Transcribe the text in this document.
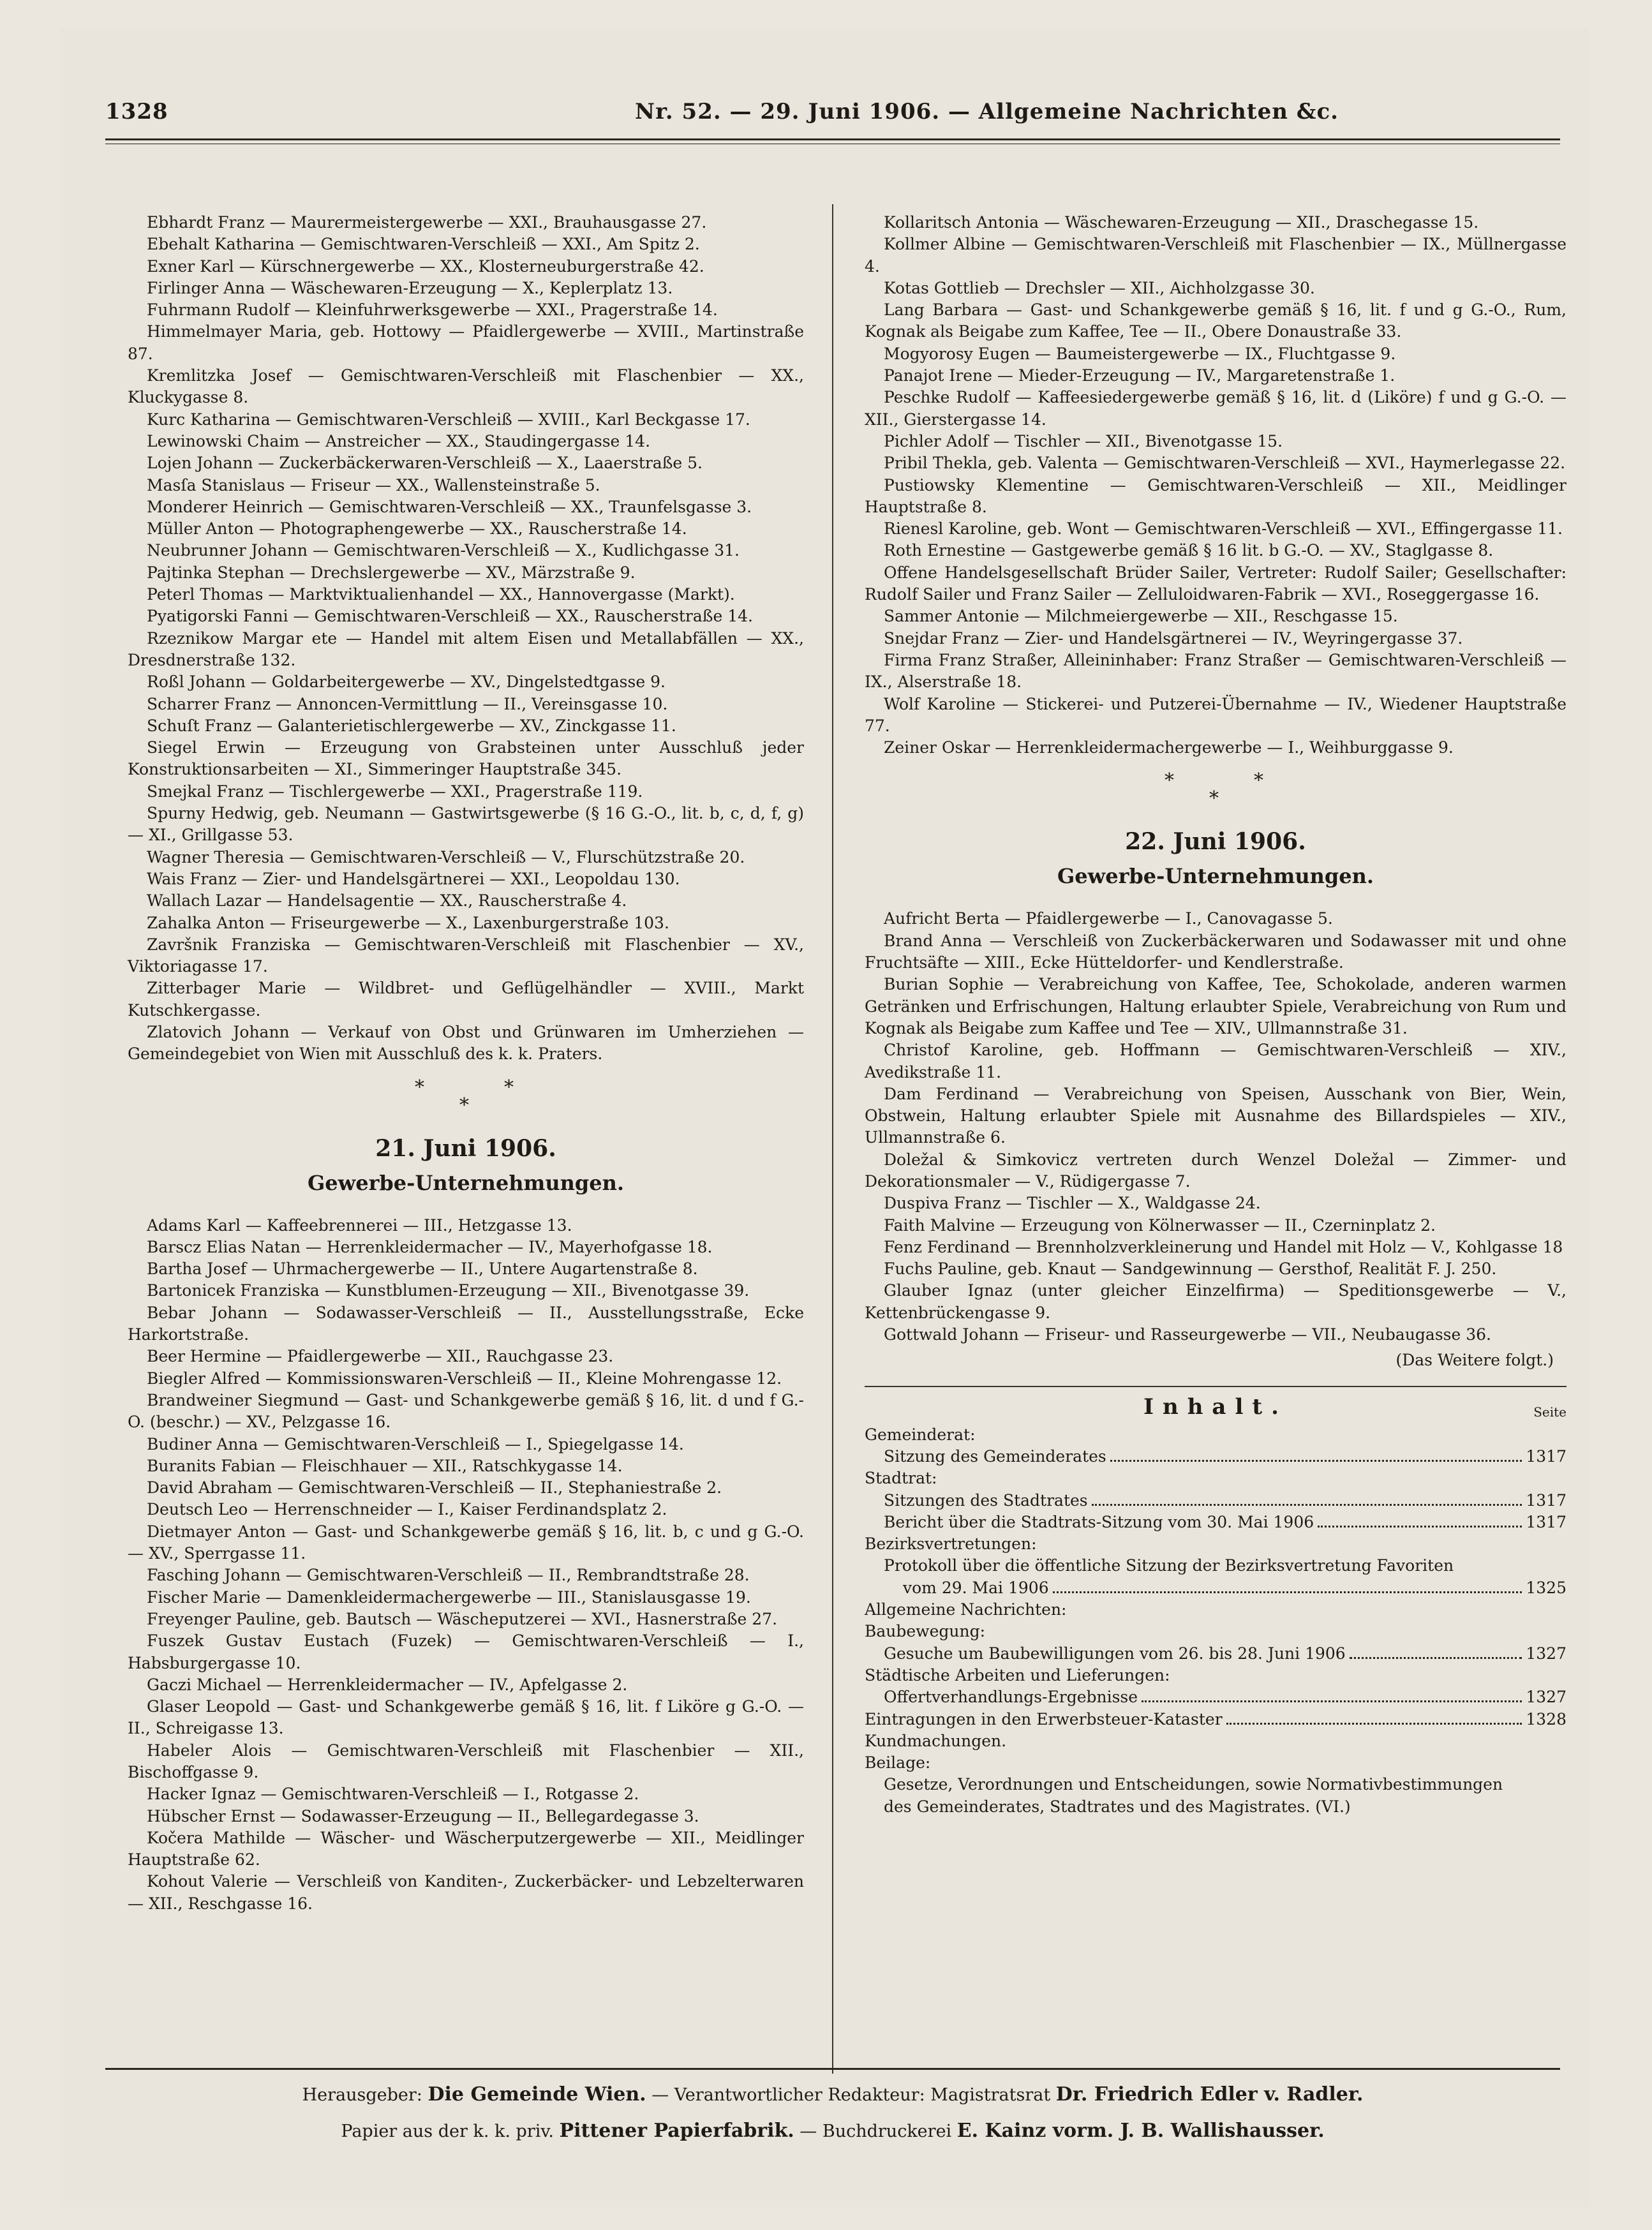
1328	Nr. 52. — 29. Juni 1906. — Allgemeine Nachrichten &c.
Ebhardt Franz — Maurermeistergewerbe — XXI., Brauhausgasse 27.
Ebehalt Katharina — Gemischtwaren-Verschleiß — XXI., Am Spitz 2.
Exner Karl — Kürschnergewerbe — XX., Klosterneuburgerstraße 42.
Firlinger Anna — Wäschewaren-Erzeugung — X., Keplerplatz 13.
Fuhrmann Rudolf — Kleinfuhrwerksgewerbe — XXI., Pragerstraße 14.
Himmelmayer Maria, geb. Hottowy — Pfaidlergewerbe — XVIII., Martinstraße 87.
Kremlitzka Josef — Gemischtwaren-Verschleiß mit Flaschenbier — XX., Kluckygasse 8.
Kurc Katharina — Gemischtwaren-Verschleiß — XVIII., Karl Beckgasse 17.
Lewinowski Chaim — Anstreicher — XX., Staudingergasse 14.
Lojen Johann — Zuckerbäckerwaren-Verschleiß — X., Laaerstraße 5.
Masſa Stanislaus — Friseur — XX., Wallensteinstraße 5.
Monderer Heinrich — Gemischtwaren-Verschleiß — XX., Traunfelsgasse 3.
Müller Anton — Photographengewerbe — XX., Rauscherstraße 14.
Neubrunner Johann — Gemischtwaren-Verschleiß — X., Kudlichgasse 31.
Pajtinka Stephan — Drechslergewerbe — XV., Märzstraße 9.
Peterl Thomas — Marktviktualienhandel — XX., Hannovergasse (Markt).
Pyatigorski Fanni — Gemischtwaren-Verschleiß — XX., Rauscherstraße 14.
Rzeznikow Margar ete — Handel mit altem Eisen und Metallabfällen — XX., Dresdnerstraße 132.
Roßl Johann — Goldarbeitergewerbe — XV., Dingelstedtgasse 9.
Scharrer Franz — Annoncen-Vermittlung — II., Vereinsgasse 10.
Schuſt Franz — Galanterietischlergewerbe — XV., Zinckgasse 11.
Siegel Erwin — Erzeugung von Grabsteinen unter Ausschluß jeder Konstruktionsarbeiten — XI., Simmeringer Hauptstraße 345.
Smejkal Franz — Tischlergewerbe — XXI., Pragerstraße 119.
Spurny Hedwig, geb. Neumann — Gastwirtsgewerbe (§ 16 G.-O., lit. b, c, d, f, g) — XI., Grillgasse 53.
Wagner Theresia — Gemischtwaren-Verschleiß — V., Flurschützstraße 20.
Wais Franz — Zier- und Handelsgärtnerei — XXI., Leopoldau 130.
Wallach Lazar — Handelsagentie — XX., Rauscherstraße 4.
Zahalka Anton — Friseurgewerbe — X., Laxenburgerstraße 103.
Završnik Franziska — Gemischtwaren-Verschleiß mit Flaschenbier — XV., Viktoriagasse 17.
Zitterbager Marie — Wildbret- und Geflügelhändler — XVIII., Markt Kutschkergasse.
Zlatovich Johann — Verkauf von Obst und Grünwaren im Umherziehen — Gemeindegebiet von Wien mit Ausschluß des k. k. Praters.
*	*
*
21. Juni 1906.
Gewerbe-Unternehmungen.
Adams Karl — Kaffeebrennerei — III., Hetzgasse 13.
Barscz Elias Natan — Herrenkleidermacher — IV., Mayerhofgasse 18.
Bartha Josef — Uhrmachergewerbe — II., Untere Augartenstraße 8.
Bartonicek Franziska — Kunstblumen-Erzeugung — XII., Bivenotgasse 39.
Bebar Johann — Sodawasser-Verschleiß — II., Ausstellungsstraße, Ecke Harkortstraße.
Beer Hermine — Pfaidlergewerbe — XII., Rauchgasse 23.
Biegler Alfred — Kommissionswaren-Verschleiß — II., Kleine Mohrengasse 12.
Brandweiner Siegmund — Gast- und Schankgewerbe gemäß § 16, lit. d und f G.-O. (beschr.) — XV., Pelzgasse 16.
Budiner Anna — Gemischtwaren-Verschleiß — I., Spiegelgasse 14.
Buranits Fabian — Fleischhauer — XII., Ratschkygasse 14.
David Abraham — Gemischtwaren-Verschleiß — II., Stephaniestraße 2.
Deutsch Leo — Herrenschneider — I., Kaiser Ferdinandsplatz 2.
Dietmayer Anton — Gast- und Schankgewerbe gemäß § 16, lit. b, c und g G.-O. — XV., Sperrgasse 11.
Fasching Johann — Gemischtwaren-Verschleiß — II., Rembrandtstraße 28.
Fischer Marie — Damenkleidermachergewerbe — III., Stanislausgasse 19.
Freyenger Pauline, geb. Bautsch — Wäscheputzerei — XVI., Hasnerstraße 27.
Fuszek Gustav Eustach (Fuzek) — Gemischtwaren-Verschleiß — I., Habsburgergasse 10.
Gaczi Michael — Herrenkleidermacher — IV., Apfelgasse 2.
Glaser Leopold — Gast- und Schankgewerbe gemäß § 16, lit. f Liköre g G.-O. — II., Schreigasse 13.
Habeler Alois — Gemischtwaren-Verschleiß mit Flaschenbier — XII., Bischoffgasse 9.
Hacker Ignaz — Gemischtwaren-Verschleiß — I., Rotgasse 2.
Hübscher Ernst — Sodawasser-Erzeugung — II., Bellegardegasse 3.
Kočera Mathilde — Wäscher- und Wäscherputzergewerbe — XII., Meidlinger Hauptstraße 62.
Kohout Valerie — Verschleiß von Kanditen-, Zuckerbäcker- und Lebzelterwaren — XII., Reschgasse 16.
Kollaritsch Antonia — Wäschewaren-Erzeugung — XII., Draschegasse 15.
Kollmer Albine — Gemischtwaren-Verschleiß mit Flaschenbier — IX., Müllnergasse 4.
Kotas Gottlieb — Drechsler — XII., Aichholzgasse 30.
Lang Barbara — Gast- und Schankgewerbe gemäß § 16, lit. f und g G.-O., Rum, Kognak als Beigabe zum Kaffee, Tee — II., Obere Donaustraße 33.
Mogyorosy Eugen — Baumeistergewerbe — IX., Fluchtgasse 9.
Panajot Irene — Mieder-Erzeugung — IV., Margaretenstraße 1.
Peschke Rudolf — Kaffeesiedergewerbe gemäß § 16, lit. d (Liköre) f und g G.-O. — XII., Gierstergasse 14.
Pichler Adolf — Tischler — XII., Bivenotgasse 15.
Pribil Thekla, geb. Valenta — Gemischtwaren-Verschleiß — XVI., Haymerlegasse 22.
Pustiowsky Klementine — Gemischtwaren-Verschleiß — XII., Meidlinger Hauptstraße 8.
Rienesl Karoline, geb. Wont — Gemischtwaren-Verschleiß — XVI., Effingergasse 11.
Roth Ernestine — Gastgewerbe gemäß § 16 lit. b G.-O. — XV., Staglgasse 8.
Offene Handelsgesellschaft Brüder Sailer, Vertreter: Rudolf Sailer; Gesellschafter: Rudolf Sailer und Franz Sailer — Zelluloidwaren-Fabrik — XVI., Roseggergasse 16.
Sammer Antonie — Milchmeiergewerbe — XII., Reschgasse 15.
Snejdar Franz — Zier- und Handelsgärtnerei — IV., Weyringergasse 37.
Firma Franz Straßer, Alleininhaber: Franz Straßer — Gemischtwaren-Verschleiß — IX., Alserstraße 18.
Wolf Karoline — Stickerei- und Putzerei-Übernahme — IV., Wiedener Hauptstraße 77.
Zeiner Oskar — Herrenkleidermachergewerbe — I., Weihburggasse 9.
*	*
*
22. Juni 1906.
Gewerbe-Unternehmungen.
Aufricht Berta — Pfaidlergewerbe — I., Canovagasse 5.
Brand Anna — Verschleiß von Zuckerbäckerwaren und Sodawasser mit und ohne Fruchtsäfte — XIII., Ecke Hütteldorfer- und Kendlerstraße.
Burian Sophie — Verabreichung von Kaffee, Tee, Schokolade, anderen warmen Getränken und Erfrischungen, Haltung erlaubter Spiele, Verabreichung von Rum und Kognak als Beigabe zum Kaffee und Tee — XIV., Ullmannstraße 31.
Christof Karoline, geb. Hoffmann — Gemischtwaren-Verschleiß — XIV., Avedikstraße 11.
Dam Ferdinand — Verabreichung von Speisen, Ausschank von Bier, Wein, Obstwein, Haltung erlaubter Spiele mit Ausnahme des Billardspieles — XIV., Ullmannstraße 6.
Doležal & Simkovicz vertreten durch Wenzel Doležal — Zimmer- und Dekorationsmaler — V., Rüdigergasse 7.
Duspiva Franz — Tischler — X., Waldgasse 24.
Faith Malvine — Erzeugung von Kölnerwasser — II., Czerninplatz 2.
Fenz Ferdinand — Brennholzverkleinerung und Handel mit Holz — V., Kohlgasse 18
Fuchs Pauline, geb. Knaut — Sandgewinnung — Gersthof, Realität F. J. 250.
Glauber Ignaz (unter gleicher Einzelfirma) — Speditionsgewerbe — V., Kettenbrückengasse 9.
Gottwald Johann — Friseur- und Rasseurgewerbe — VII., Neubaugasse 36.
(Das Weitere folgt.)
Inhalt.	Seite
Gemeinderat:
Sitzung des Gemeinderates	1317
Stadtrat:
Sitzungen des Stadtrates	1317
Bericht über die Stadtrats-Sitzung vom 30. Mai 1906	1317
Bezirksvertretungen:
Protokoll über die öffentliche Sitzung der Bezirksvertretung Favoriten
vom 29. Mai 1906	1325
Allgemeine Nachrichten:
Baubewegung:
Gesuche um Baubewilligungen vom 26. bis 28. Juni 1906	1327
Städtische Arbeiten und Lieferungen:
Offertverhandlungs-Ergebnisse	1327
Eintragungen in den Erwerbsteuer-Kataster	1328
Kundmachungen.
Beilage:
Gesetze, Verordnungen und Entscheidungen, sowie Normativbestimmungen
des Gemeinderates, Stadtrates und des Magistrates. (VI.)
Herausgeber: Die Gemeinde Wien. — Verantwortlicher Redakteur: Magistratsrat Dr. Friedrich Edler v. Radler.
Papier aus der k. k. priv. Pittener Papierfabrik. — Buchdruckerei E. Kainz vorm. J. B. Wallishausser.
